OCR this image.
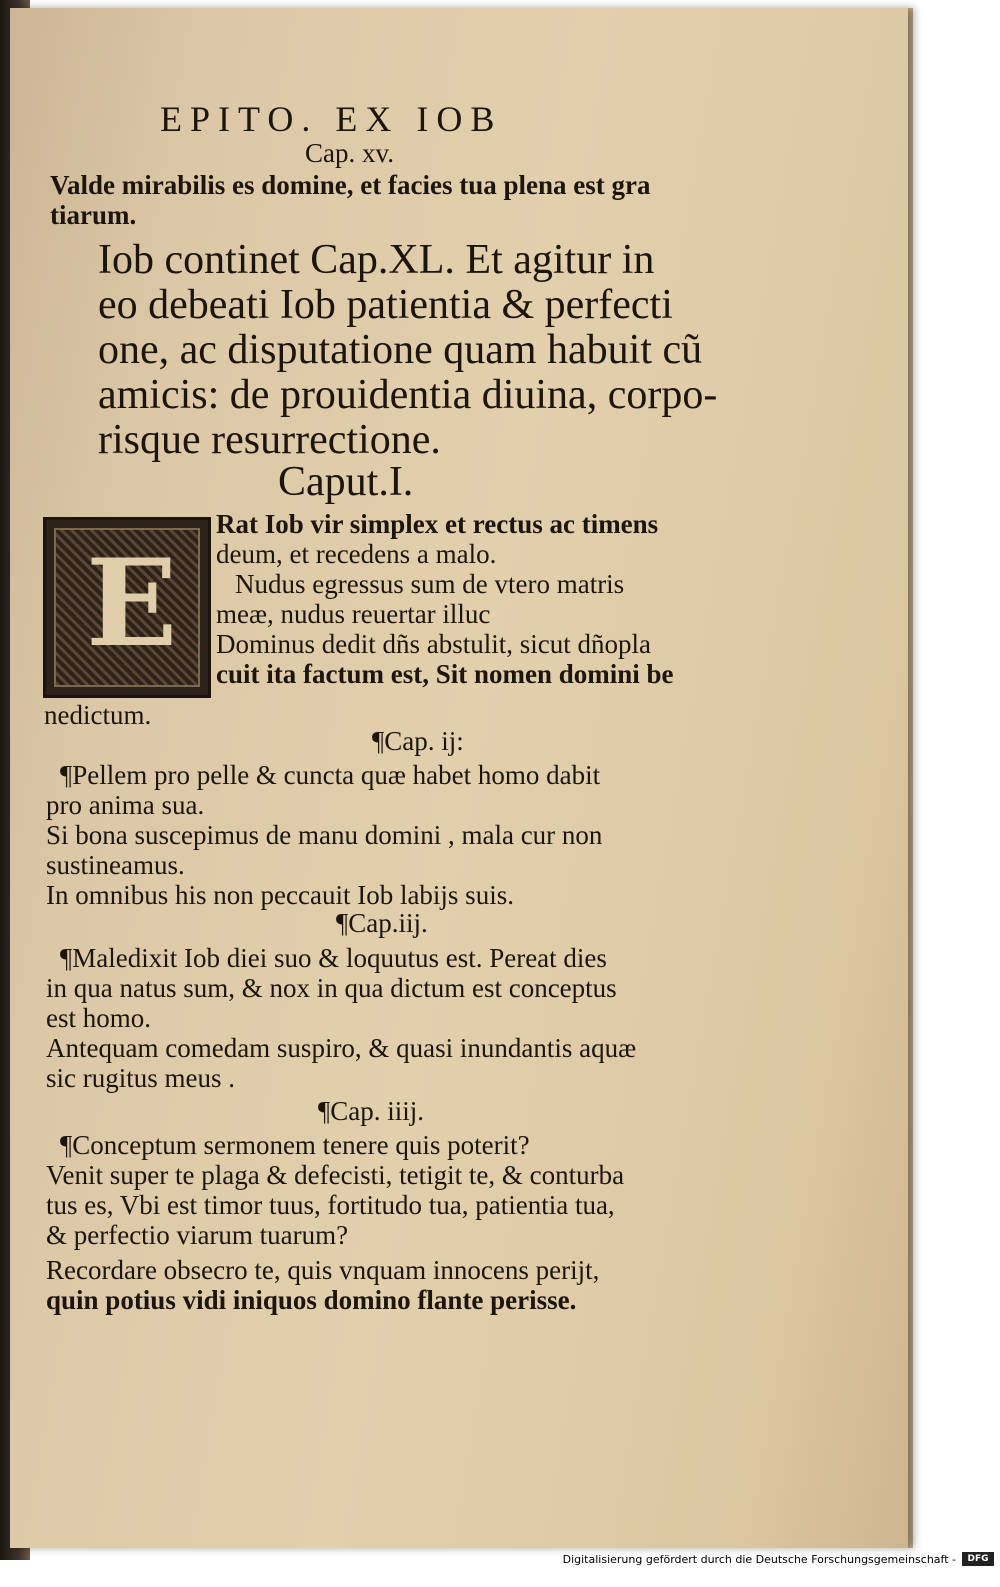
EPITO. EX IOB
Cap. xv.
Valde mirabilis es domine, et facies tua plena est gra
tiarum.
Iob continet Cap.XL. Et agitur in
eo debeati Iob patientia & perfecti
one, ac disputatione quam habuit cũ
amicis: de prouidentia diuina, corpo-
risque resurrectione.
Caput.I.
E
Rat Iob vir simplex et rectus ac timens
deum, et recedens a malo.
Nudus egressus sum de vtero matris
meæ, nudus reuertar illuc
Dominus dedit dñs abstulit, sicut dñoplа
cuit ita factum est, Sit nomen domini be
nedictum.
¶Cap. ij:
¶Pellem pro pelle & cuncta quæ habet homo dabit
pro anima sua.
Si bona suscepimus de manu domini , mala cur non
sustineamus.
In omnibus his non peccauit Iob labijs suis.
¶Cap.iij.
¶Maledixit Iob diei suo & loquutus est. Pereat dies
in qua natus sum, & nox in qua dictum est conceptus
est homo.
Antequam comedam suspiro, & quasi inundantis aquæ
sic rugitus meus .
¶Cap. iiij.
¶Conceptum sermonem tenere quis poterit?
Venit super te plaga & defecisti, tetigit te, & conturba
tus es, Vbi est timor tuus, fortitudo tua, patientia tua,
& perfectio viarum tuarum?
Recordare obsecro te, quis vnquam innocens perijt,
quin potius vidi iniquos domino flante perisse.
Digitalisierung gefördert durch die Deutsche Forschungsgemeinschaft -	DFG
